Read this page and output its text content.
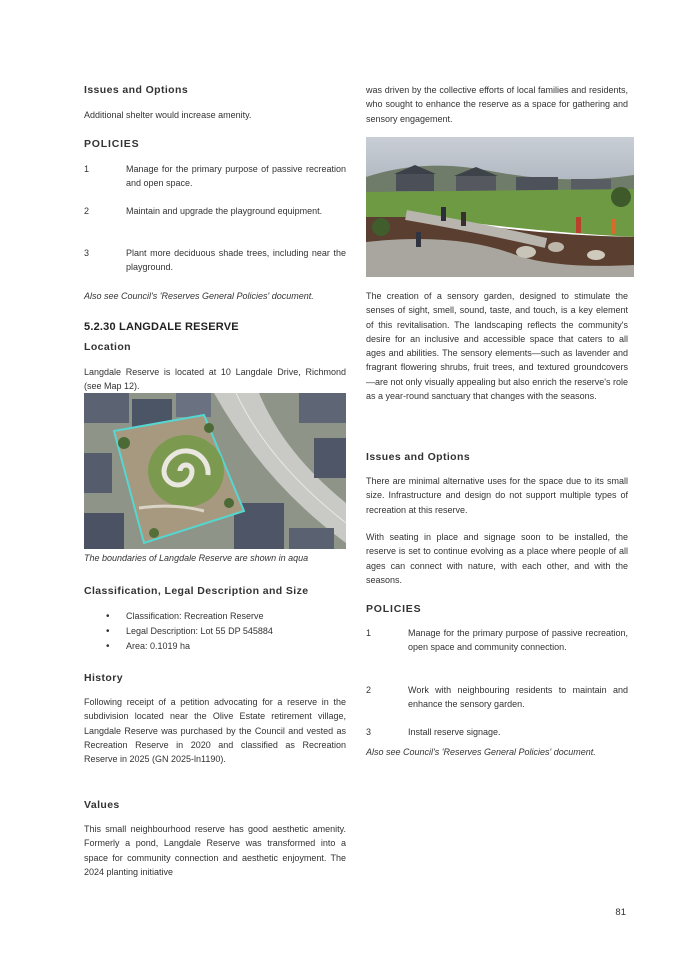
Issues and Options

Additional shelter would increase amenity.

POLICIES
1	Manage for the primary purpose of passive recreation and open space.
2	Maintain and upgrade the playground equipment.
3	Plant more deciduous shade trees, including near the playground.

Also see Council's 'Reserves General Policies' document.

5.2.30 LANGDALE RESERVE
Location

Langdale Reserve is located at 10 Langdale Drive, Richmond (see Map 12).

The boundaries of Langdale Reserve are shown in aqua

Classification, Legal Description and Size
• Classification: Recreation Reserve
• Legal Description: Lot 55 DP 545884
• Area: 0.1019 ha
History

Following receipt of a petition advocating for a reserve in the subdivision located near the Olive Estate retirement village, Langdale Reserve was purchased by the Council and vested as Recreation Reserve in 2020 and classified as Recreation Reserve in 2025 (GN 2025-ln1190).

Values

This small neighbourhood reserve has good aesthetic amenity. Formerly a pond, Langdale Reserve was transformed into a space for community connection and aesthetic enjoyment. The 2024 planting initiative

was driven by the collective efforts of local families and residents, who sought to enhance the reserve as a space for gathering and sensory engagement.

The creation of a sensory garden, designed to stimulate the senses of sight, smell, sound, taste, and touch, is a key element of this revitalisation. The landscaping reflects the community's desire for an inclusive and accessible space that caters to all ages and abilities. The sensory elements—such as lavender and fragrant flowering shrubs, fruit trees, and textured groundcovers—are not only visually appealing but also enrich the reserve's role as a year-round sanctuary that changes with the seasons.

Issues and Options

There are minimal alternative uses for the space due to its small size. Infrastructure and design do not support multiple types of recreation at this reserve.

With seating in place and signage soon to be installed, the reserve is set to continue evolving as a place where people of all ages can connect with nature, with each other, and with the seasons.

POLICIES
1	Manage for the primary purpose of passive recreation, open space and community connection.
2	Work with neighbouring residents to maintain and enhance the sensory garden.
3	Install reserve signage.

Also see Council's 'Reserves General Policies' document.

81
